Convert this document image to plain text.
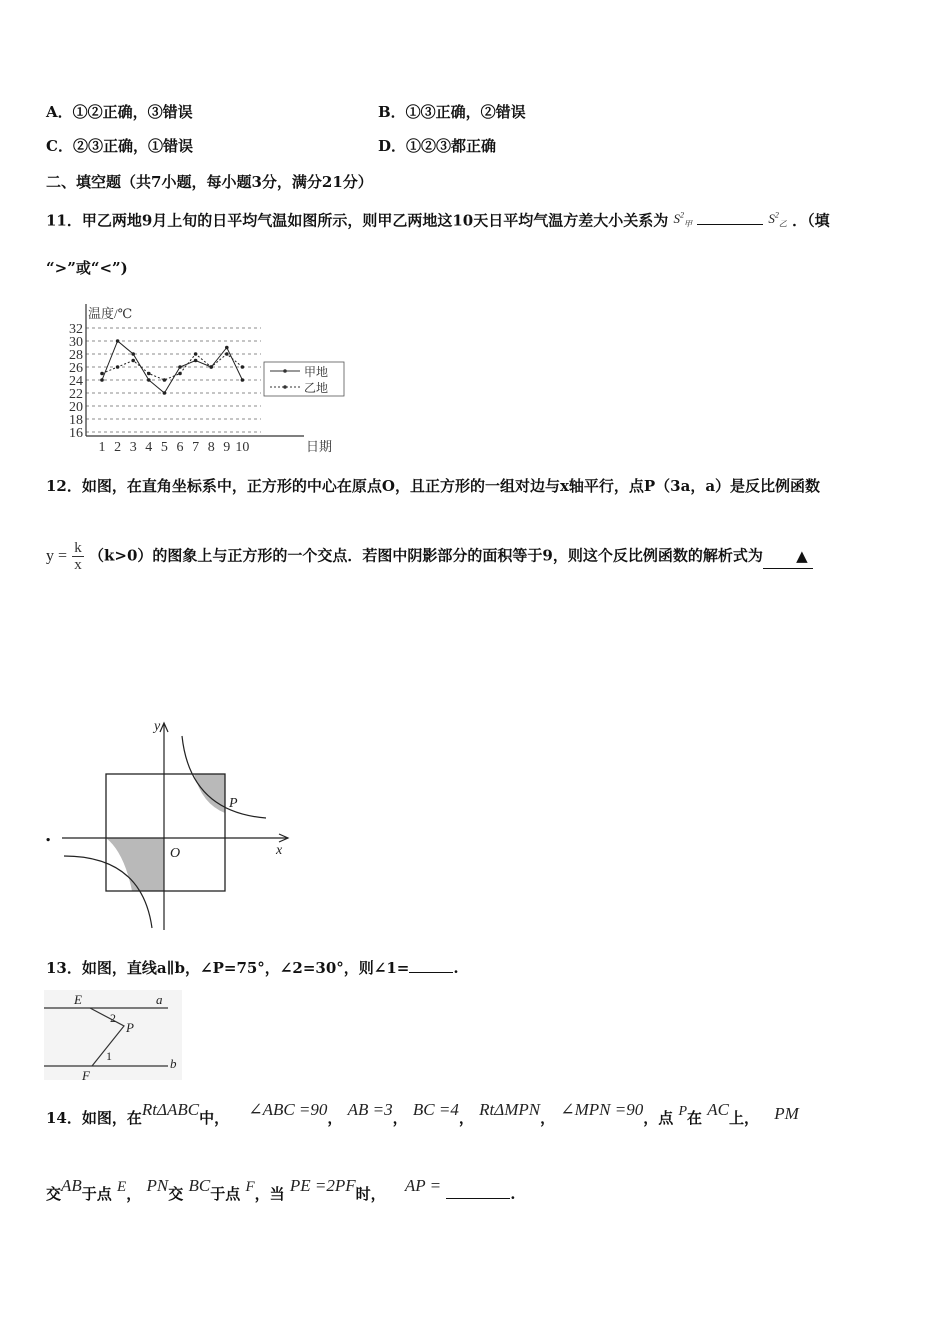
A．①②正确，③错误	B．①③正确，②错误
C．②③正确，①错误	D．①②③都正确
二、填空题（共7小题，每小题3分，满分21分）
11．甲乙两地9月上旬的日平均气温如图所示，则甲乙两地这10天日平均气温方差大小关系为 $S^2_甲$	$S^2_乙$ ．（填
“>”或“<”)
温度/℃
日期
16
18
20
22
24
26
28
30
32
1 2 3 4 5 6 7 8 9 10
甲地
乙地
12．如图，在直角坐标系中，正方形的中心在原点O，且正方形的一组对边与x轴平行，点P（3a，a）是反比例函数
$y = \frac{k}{x} (k>0)$的图象上与正方形的一个交点．若图中阴影部分的面积等于9，则这个反比例函数的解析式为 ▲
.
y
x
O
P
13．如图，直线a∥b，∠P=75°，∠2=30°，则∠1=	.
E	a
2
P
1	b
F
14．如图，在RtΔABC中， ∠ABC =90， AB =3， BC =4， RtΔMPN， ∠MPN =90，点 P在 AC上， PM
交AB于点 E， PN交 BC于点 F，当 PE =2PF时， AP =	.
